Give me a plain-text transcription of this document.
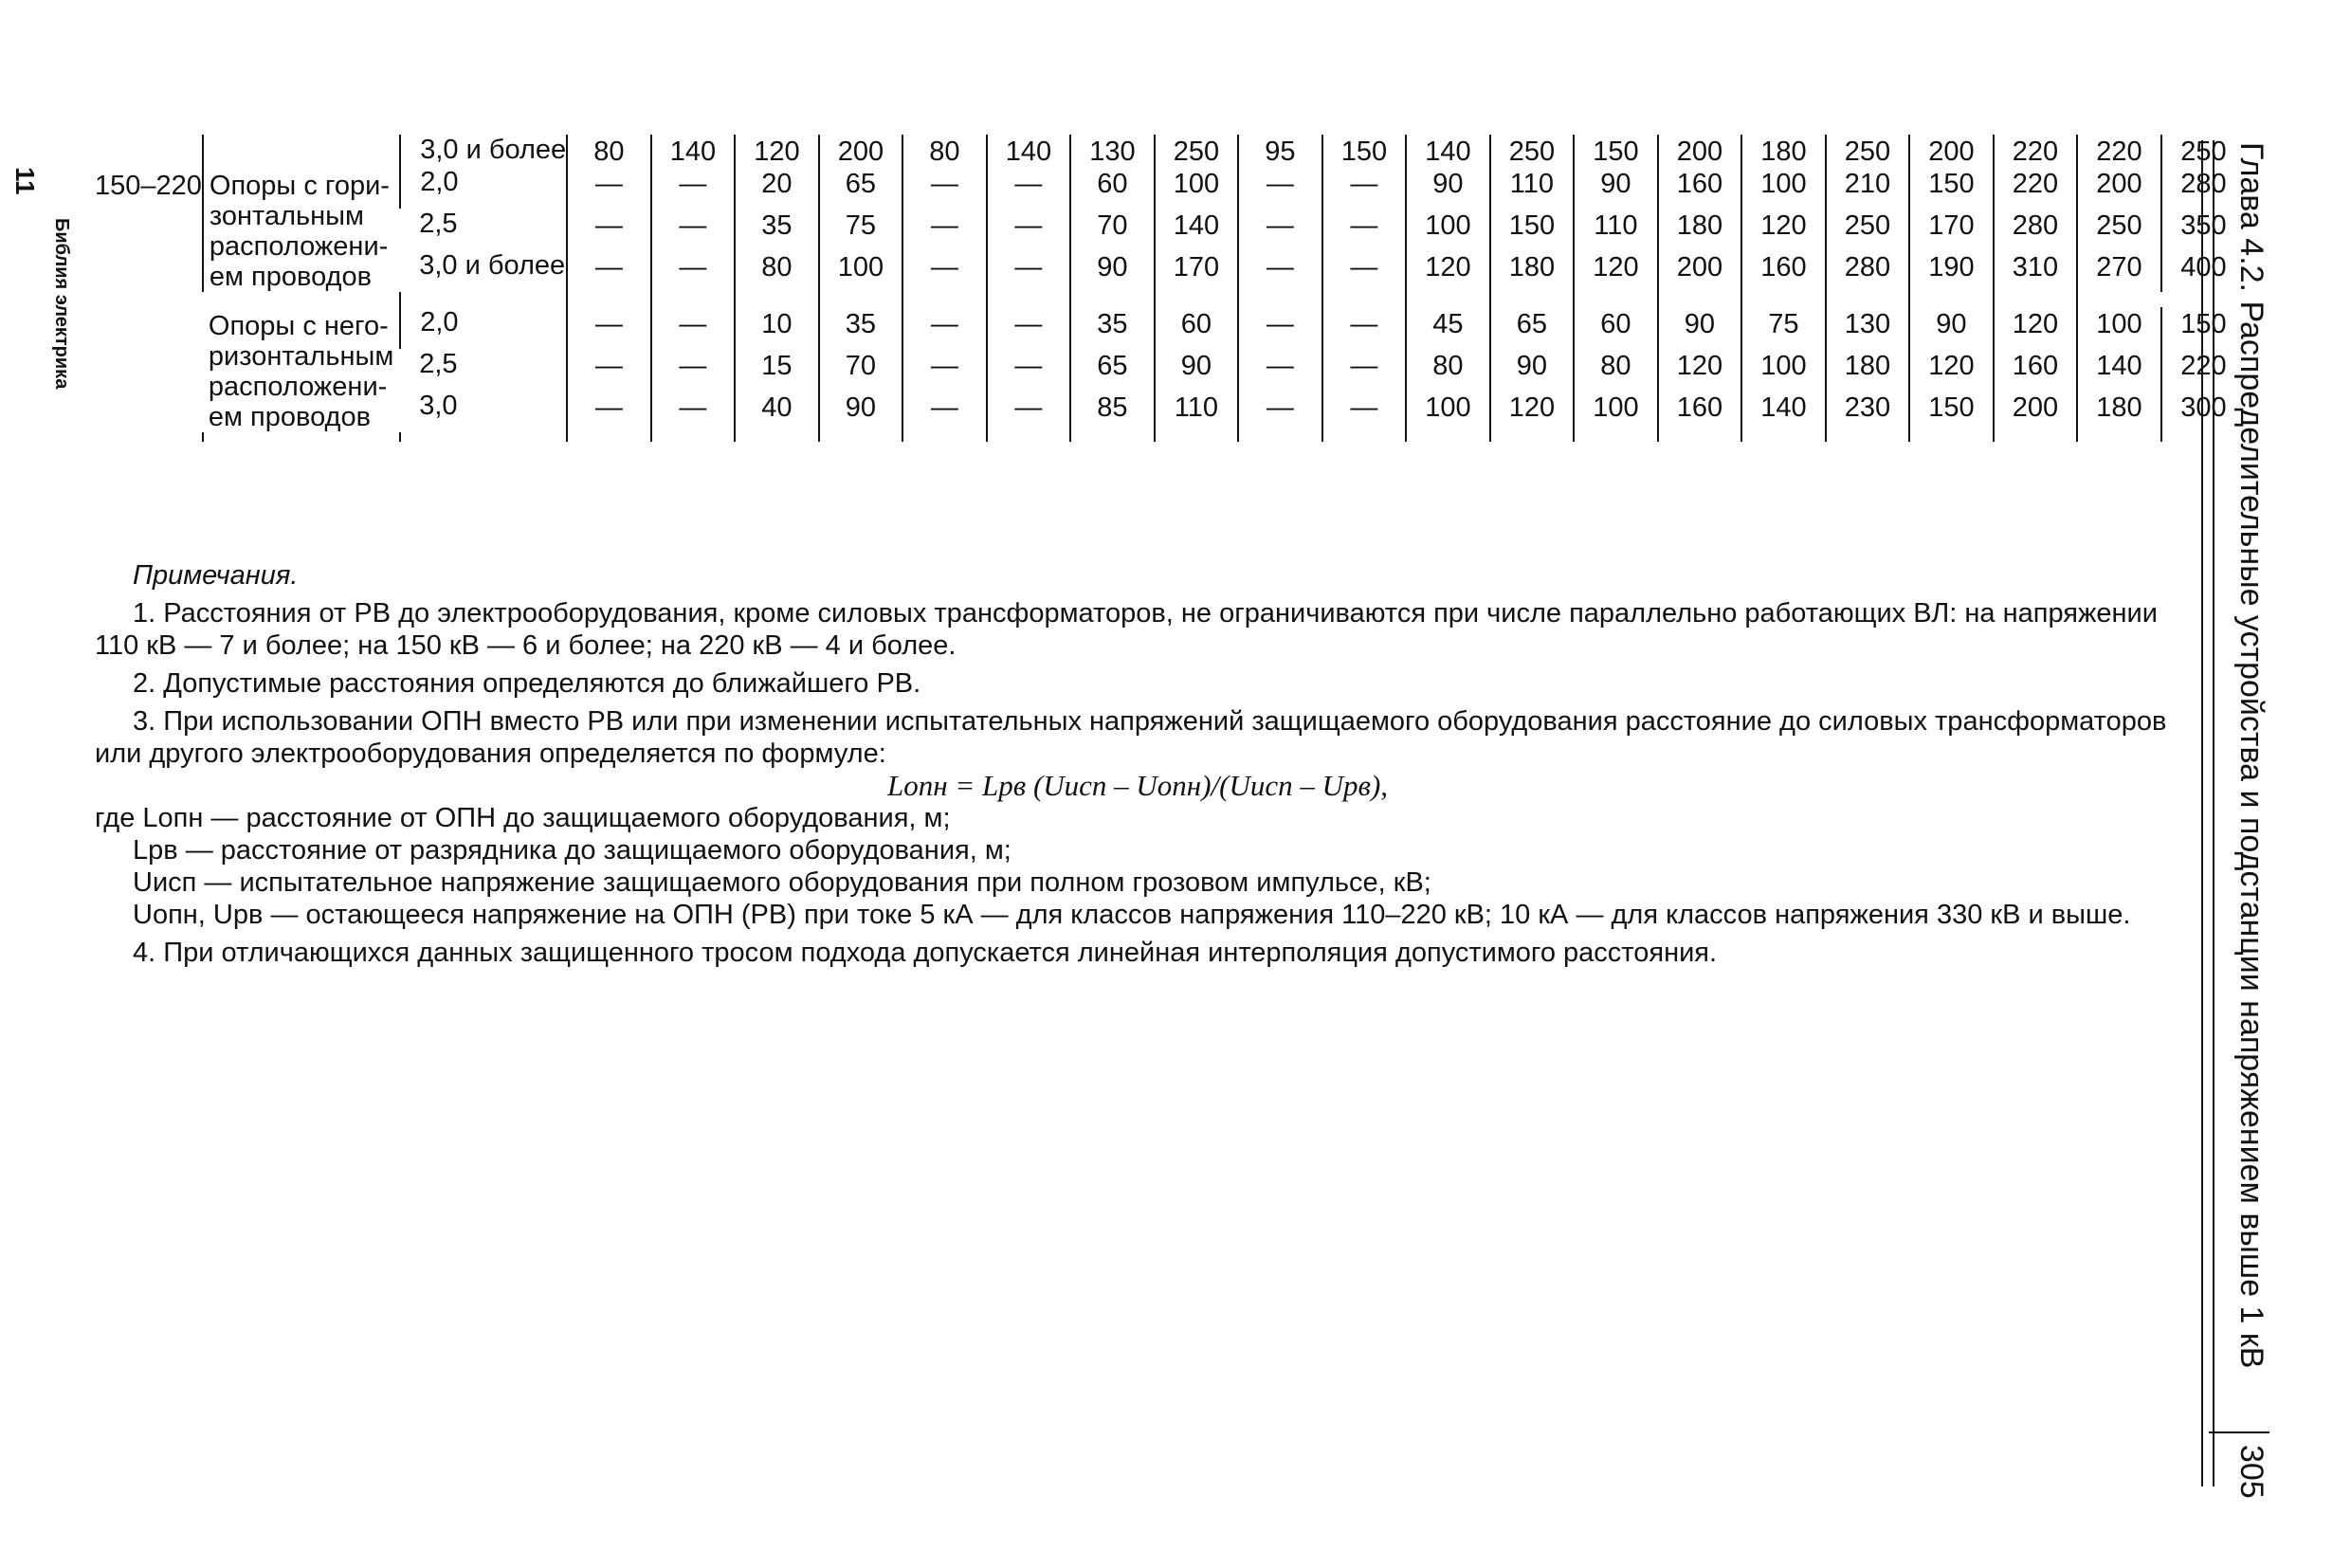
11
Библия электрика
		3,0 и более	80	140	120	200	80	140	130	250	95	150	140	250	150	200	180	250	200	220	220	250
150–220	Опоры с гори-зонтальным расположени-ем проводов	2,0	—	—	20	65	—	—	60	100	—	—	90	110	90	160	100	210	150	220	200	280
		2,5	—	—	35	75	—	—	70	140	—	—	100	150	110	180	120	250	170	280	250	350
		3,0 и более	—	—	80	100	—	—	90	170	—	—	120	180	120	200	160	280	190	310	270	400

	Опоры с него-ризонтальным расположени-ем проводов	2,0	—	—	10	35	—	—	35	60	—	—	45	65	60	90	75	130	90	120	100	150
		2,5	—	—	15	70	—	—	65	90	—	—	80	90	80	120	100	180	120	160	140	220
		3,0	—	—	40	90	—	—	85	110	—	—	100	120	100	160	140	230	150	200	180	300

Примечания.

1. Расстояния от РВ до электрооборудования, кроме силовых трансформаторов, не ограничиваются при числе параллельно работающих ВЛ: на напряжении 110 кВ — 7 и более; на 150 кВ — 6 и более; на 220 кВ — 4 и более.

2. Допустимые расстояния определяются до ближайшего РВ.

3. При использовании ОПН вместо РВ или при изменении испытательных напряжений защищаемого оборудования расстояние до силовых трансформаторов или другого электрооборудования определяется по формуле:

Lопн = Lрв (Uисп – Uопн)/(Uисп – Uрв),

где Lопн — расстояние от ОПН до защищаемого оборудования, м;

Lрв — расстояние от разрядника до защищаемого оборудования, м;

Uисп — испытательное напряжение защищаемого оборудования при полном грозовом импульсе, кВ;

Uопн, Uрв — остающееся напряжение на ОПН (РВ) при токе 5 кА — для классов напряжения 110–220 кВ; 10 кА — для классов напряжения 330 кВ и выше.

4. При отличающихся данных защищенного тросом подхода допускается линейная интерполяция допустимого расстояния.	Глава 4.2. Распределительные устройства и подстанции напряжением выше 1 кВ
305
